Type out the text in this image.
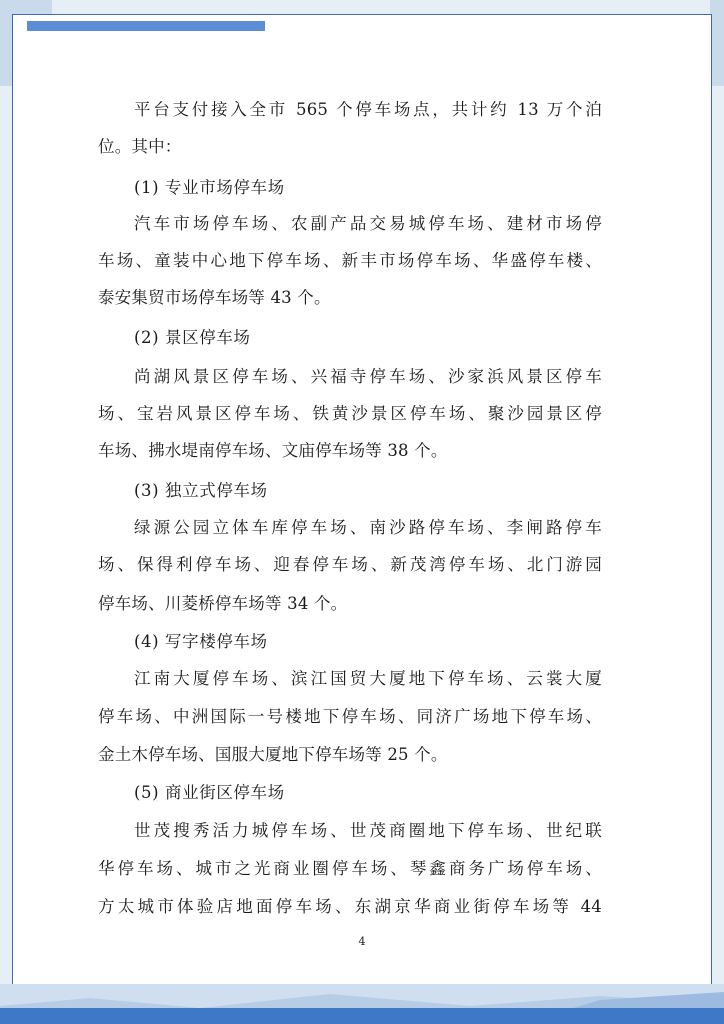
平台支付接入全市 565 个停车场点，共计约 13 万个泊
位。其中：
(1) 专业市场停车场
汽车市场停车场、农副产品交易城停车场、建材市场停
车场、童装中心地下停车场、新丰市场停车场、华盛停车楼、
泰安集贸市场停车场等 43 个。
(2) 景区停车场
尚湖风景区停车场、兴福寺停车场、沙家浜风景区停车
场、宝岩风景区停车场、铁黄沙景区停车场、聚沙园景区停
车场、拂水堤南停车场、文庙停车场等 38 个。
(3) 独立式停车场
绿源公园立体车库停车场、南沙路停车场、李闸路停车
场、保得利停车场、迎春停车场、新茂湾停车场、北门游园
停车场、川菱桥停车场等 34 个。
(4) 写字楼停车场
江南大厦停车场、滨江国贸大厦地下停车场、云裳大厦
停车场、中洲国际一号楼地下停车场、同济广场地下停车场、
金土木停车场、国服大厦地下停车场等 25 个。
(5) 商业街区停车场
世茂搜秀活力城停车场、世茂商圈地下停车场、世纪联
华停车场、城市之光商业圈停车场、琴鑫商务广场停车场、
方太城市体验店地面停车场、东湖京华商业街停车场等 44
4
